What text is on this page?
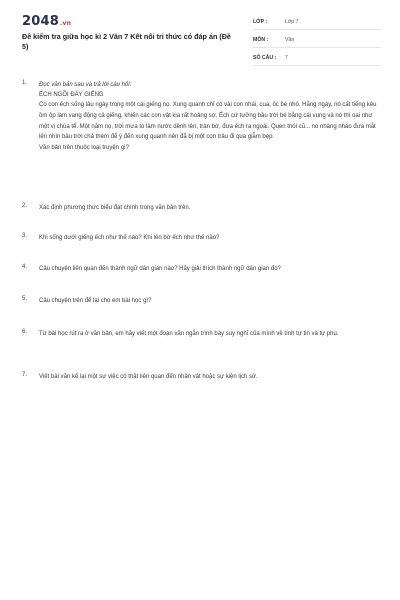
2048.vn
Đề kiểm tra giữa học kì 2 Văn 7 Kết nối tri thức có đáp án (Đề 5)
LỚP :	Lớp 7
MÔN :	Văn
SỐ CÂU :	7
1.	Đọc văn bản sau và trả lời câu hỏi:

ẾCH NGỒI ĐÁY GIẾNG

Có con ếch sống lâu ngày trong một cái giếng nọ. Xung quanh chỉ có vài con nhái, cua, ốc bé nhỏ. Hằng ngày, nó cất tiếng kêu ồm ộp làm vang động cả giếng, khiến các con vật kia rất hoảng sợ. Ếch cứ tưởng bầu trời bé bằng cái vung và nó thì oai như một vị chúa tể. Một năm nọ, trời mưa to làm nước dềnh lên, tràn bờ, đưa ếch ra ngoài. Quen thói cũ... nó nhâng nháo đưa mắt lên nhìn bầu trời chả thèm để ý đến xung quanh nên đã bị một con trâu đi qua giẫm bẹp.

Văn bản trên thuộc loại truyện gì?

2.	Xác định phương thức biểu đạt chính trong văn bản trên.
3.	Khi sống dưới giếng ếch như thế nào? Khi lên bờ ếch như thế nào?
4.	Câu chuyện liên quan đến thành ngữ dân gian nào? Hãy giải thích thành ngữ dân gian đó?
5.	Câu chuyện trên để lại cho em bài học gì?
6.	Từ bài học rút ra ở văn bản, em hãy viết một đoạn văn ngắn trình bày suy nghĩ của mình về tính tự tin và tự phụ.
7.	Viết bài văn kể lại một sự việc có thật liên quan đến nhân vật hoặc sự kiện lịch sử.
